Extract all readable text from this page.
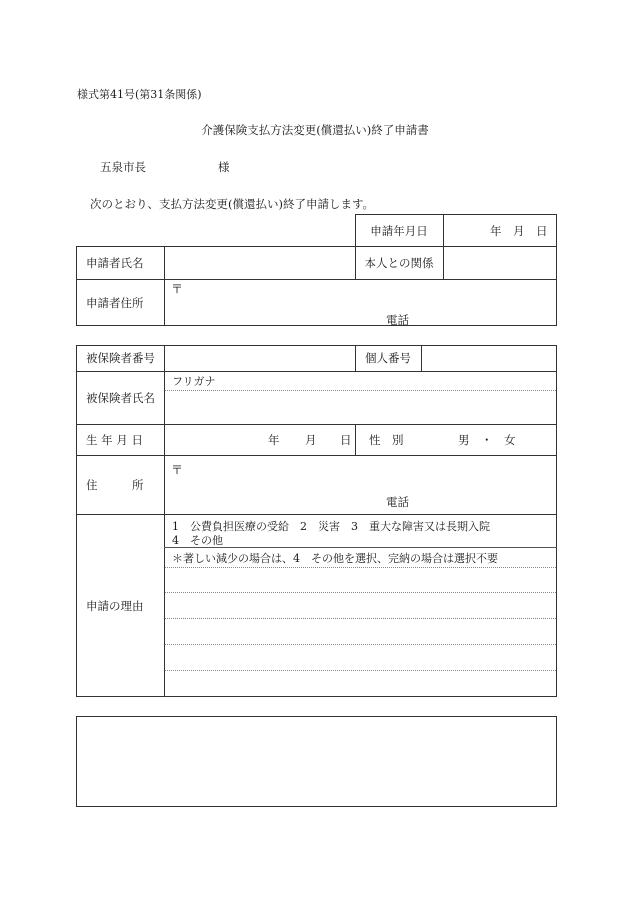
様式第41号(第31条関係)
介護保険支払方法変更(償還払い)終了申請書
五泉市長	様
次のとおり、支払方法変更(償還払い)終了申請します。
申請年月日	年　月　日
申請者氏名	本人との関係
申請者住所
〒
電話
被保険者番号	個人番号
被保険者氏名
フリガナ
生 年 月 日	年 月 日 性　別	男　・　女
住　　　所
〒
電話
申請の理由
1　公費負担医療の受給　2　災害　3　重大な障害又は長期入院
4　その他
＊著しい減少の場合は、4　その他を選択、完納の場合は選択不要
